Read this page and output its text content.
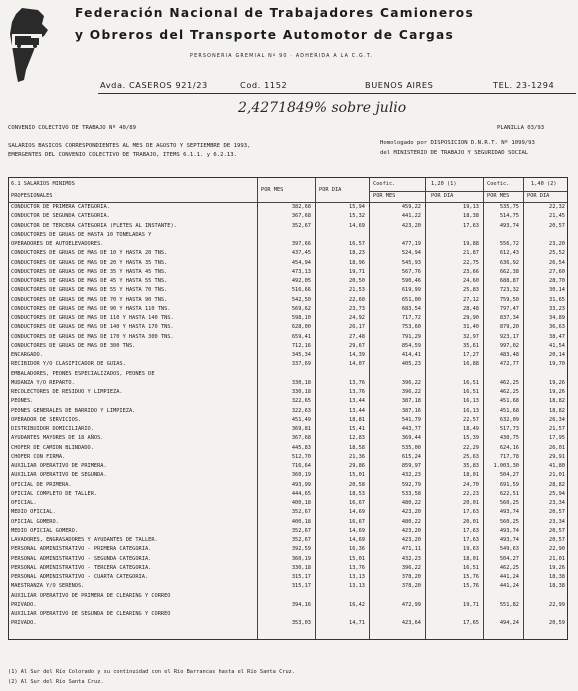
Federación Nacional de Trabajadores Camioneros
y Obreros del Transporte Automotor de Cargas
PERSONERIA GREMIAL Nº 90 · ADHERIDA A LA C.G.T.
Avda. CASEROS 921/23	Cod. 1152	BUENOS AIRES	TEL. 23-1294
2,4271849% sobre julio
CONVENIO COLECTIVO DE TRABAJO Nº 40/89	PLANILLA 03/93
SALARIOS BASICOS CORRESPONDIENTES AL MES DE AGOSTO Y SEPTIEMBRE DE 1993,
EMERGENTES DEL CONVENIO COLECTIVO DE TRABAJO, ITEMS 6.1.1. y 6.2.13.
Homologado por DISPOSICION D.N.R.T. Nº 1099/93
del MINISTERIO DE TRABAJO Y SEGURIDAD SOCIAL
6.1 SALARIOS MINIMOS
PROFESIONALES
POR MES	POR DIA
Coefic.	1,20 (1)	Coefic.	1,40 (2)
POR MES	POR DIA	POR MES	POR DIA
CONDUCTOR DE PRIMERA CATEGORIA.	382,68	15,94	459,22	19,13	535,75	22,32
CONDUCTOR DE SEGUNDA CATEGORIA.	367,68	15,32	441,22	18,38	514,75	21,45
CONDUCTOR DE TERCERA CATEGORIA (FLETES AL INSTANTE).	352,67	14,69	423,20	17,63	493,74	20,57
CONDUCTORES DE GRUAS DE HASTA 10 TONELADAS Y
OPERADORES DE AUTOELEVADORES.	397,66	16,57	477,19	19,88	556,72	23,20
CONDUCTORES DE GRUAS DE MAS DE 10 Y HASTA 20 TNS.	437,45	18,23	524,94	21,87	612,43	25,52
CONDUCTORES DE GRUAS DE MAS DE 20 Y HASTA 35 TNS.	454,94	18,96	545,93	22,75	636,92	26,54
CONDUCTORES DE GRUAS DE MAS DE 35 Y HASTA 45 TNS.	473,13	19,71	567,76	23,66	662,38	27,60
CONDUCTORES DE GRUAS DE MAS DE 45 Y HASTA 55 TNS.	492,05	20,50	590,46	24,60	688,87	28,70
CONDUCTORES DE GRUAS DE MAS DE 55 Y HASTA 70 TNS.	516,66	21,53	619,99	25,83	723,32	30,14
CONDUCTORES DE GRUAS DE MAS DE 70 Y HASTA 90 TNS.	542,50	22,60	651,00	27,12	759,50	31,65
CONDUCTORES DE GRUAS DE MAS DE 90 Y HASTA 110 TNS.	569,62	23,73	683,54	28,48	797,47	33,23
CONDUCTORES DE GRUAS DE MAS DE 110 Y HASTA 140 TNS.	598,10	24,92	717,72	29,90	837,34	34,89
CONDUCTORES DE GRUAS DE MAS DE 140 Y HASTA 170 TNS.	628,00	26,17	753,60	31,40	879,20	36,63
CONDUCTORES DE GRUAS DE MAS DE 170 Y HASTA 300 TNS.	659,41	27,48	791,29	32,97	923,17	38,47
CONDUCTORES DE GRUAS DE MAS DE 300 TNS.	712,16	29,67	854,59	35,61	997,02	41,54
ENCARGADO.	345,34	14,39	414,41	17,27	483,48	20,14
RECIBIDOR Y/O CLASIFICADOR DE GUIAS.	337,69	14,07	405,23	16,88	472,77	19,70
EMBALADORES, PEONES ESPECIALIZADOS, PEONES DE
MUDANZA Y/O REPARTO.	330,18	13,76	396,22	16,51	462,25	19,26
RECOLECTORES DE RESIDUO Y LIMPIEZA.	330,18	13,76	396,22	16,51	462,25	19,26
PEONES.	322,65	13,44	387,18	16,13	451,68	18,82
PEONES GENERALES DE BARRIDO Y LIMPIEZA.	322,63	13,44	387,16	16,13	451,68	18,82
OPERADOR DE SERVICIOS.	451,49	18,81	541,79	22,57	632,09	26,34
DISTRIBUIDOR DOMICILIARIO.	369,81	15,41	443,77	18,49	517,73	21,57
AYUDANTES MAYORES DE 18 AÑOS.	367,68	12,83	369,44	15,39	430,75	17,95
CHOFER DE CAMION BLINDADO.	445,83	18,58	535,00	22,29	624,16	26,01
CHOFER CON FIRMA.	512,70	21,36	615,24	25,63	717,78	29,91
AUXILIAR OPERATIVO DE PRIMERA.	716,64	29,86	859,97	35,83	1.003,30	41,80
AUXILIAR OPERATIVO DE SEGUNDA.	360,19	15,01	432,23	18,01	504,27	21,01
OFICIAL DE PRIMERA.	493,99	20,58	592,79	24,70	691,59	28,82
OFICIAL COMPLETO DE TALLER.	444,65	18,53	533,58	22,23	622,51	25,94
OFICIAL.	400,18	16,67	480,22	20,01	560,25	23,34
MEDIO OFICIAL.	352,67	14,69	423,20	17,63	493,74	20,57
OFICIAL GOMERO.	400,18	16,67	480,22	20,01	560,25	23,34
MEDIO OFICIAL GOMERO.	352,67	14,69	423,20	17,63	493,74	20,57
LAVADORES, ENGRASADORES Y AYUDANTES DE TALLER.	352,67	14,69	423,20	17,63	493,74	20,57
PERSONAL ADMINISTRATIVO - PRIMERA CATEGORIA.	392,59	16,36	471,11	19,63	549,63	22,90
PERSONAL ADMINISTRATIVO - SEGUNDA CATEGORIA.	360,19	15,01	432,23	18,01	504,27	21,01
PERSONAL ADMINISTRATIVO - TERCERA CATEGORIA.	330,18	13,76	396,22	16,51	462,25	19,26
PERSONAL ADMINISTRATIVO - CUARTA CATEGORIA.	315,17	13,13	378,20	15,76	441,24	18,38
MAESTRANZA Y/O SERENOS.	315,17	13,13	378,20	15,76	441,24	18,38
AUXILIAR OPERATIVO DE PRIMERA DE CLEARING Y CORREO
PRIVADO.	394,16	16,42	472,99	19,71	551,82	22,99
AUXILIAR OPERATIVO DE SEGUNDA DE CLEARING Y CORREO
PRIVADO.	353,03	14,71	423,64	17,65	494,24	20,59
(1) Al Sur del Río Colorado y su continuidad con el Río Barrancas hasta el Río Santa Cruz.
(2) Al Sur del Río Santa Cruz.
